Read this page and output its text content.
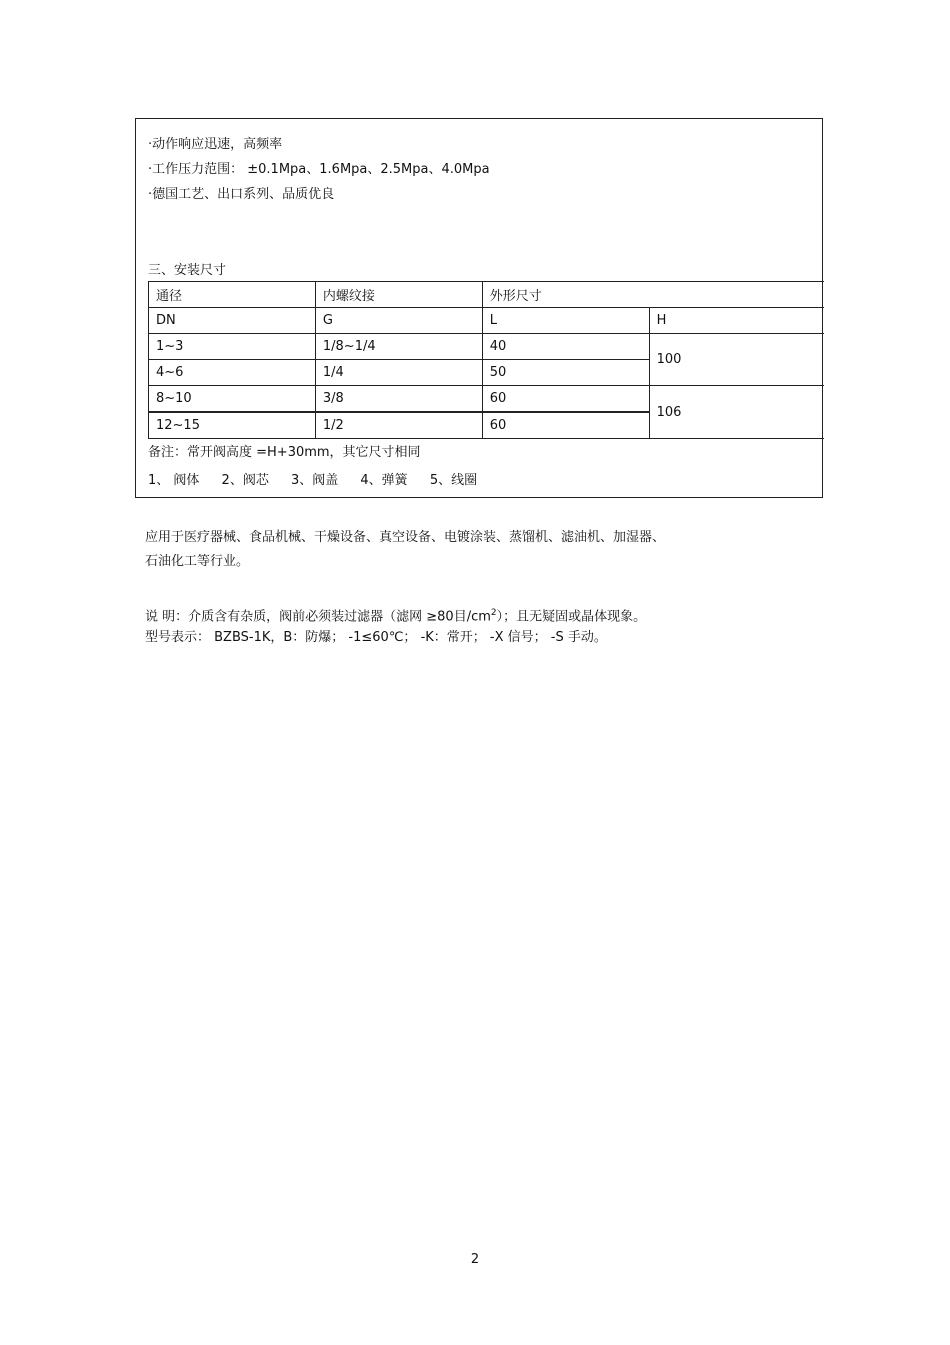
·动作响应迅速，高频率
·工作压力范围： ±0.1Mpa、1.6Mpa、2.5Mpa、4.0Mpa
·德国工艺、出口系列、品质优良
三、安装尺寸
通径	内螺纹接	外形尺寸	
DN	G	L	H
1~3	1/8~1/4	40	100
4~6	1/4	50	
8~10	3/8	60	106
12~15	1/2	60	
备注：常开阀高度 =H+30mm，其它尺寸相同
1、 阀体 2、阀芯 3、阀盖 4、弹簧 5、线圈
应用于医疗器械、食品机械、干燥设备、真空设备、电镀涂装、蒸馏机、滤油机、加湿器、
石油化工等行业。
说 明：介质含有杂质，阀前必须装过滤器（滤网 ≥80目$/cm^2$）；且无疑固或晶体现象。
型号表示： BZBS-1K，B：防爆； -1≤60℃； -K：常开； -X 信号； -S 手动。
2
